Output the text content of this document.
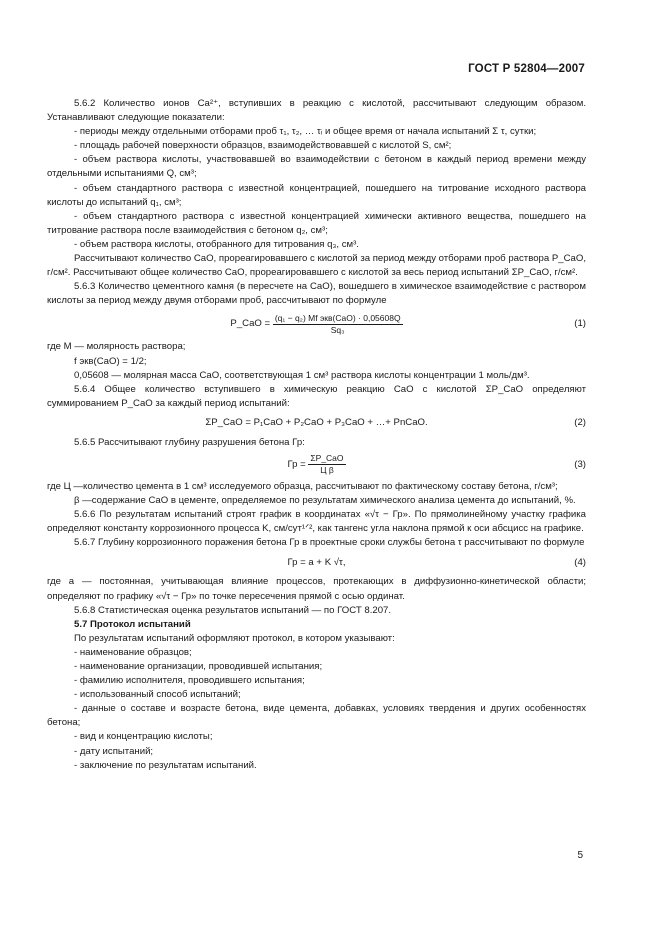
ГОСТ Р 52804—2007

5.6.2 Количество ионов Ca²⁺, вступивших в реакцию с кислотой, рассчитывают следующим образом. Устанавливают следующие показатели:

- периоды между отдельными отборами проб τ₁, τ₂, … τᵢ и общее время от начала испытаний Σ τ, сутки;

- площадь рабочей поверхности образцов, взаимодействовавшей с кислотой S, см²;

- объем раствора кислоты, участвовавшей во взаимодействии с бетоном в каждый период времени между отдельными испытаниями Q, см³;

- объем стандартного раствора с известной концентрацией, пошедшего на титрование исходного раствора кислоты до испытаний q₁, см³;

- объем стандартного раствора с известной концентрацией химически активного вещества, пошедшего на титрование раствора после взаимодействия с бетоном q₂, см³;

- объем раствора кислоты, отобранного для титрования q₃, см³.

Рассчитывают количество CaO, прореагировавшего с кислотой за период между отборами проб раствора P_CaO, г/см². Рассчитывают общее количество CaO, прореагировавшего с кислотой за весь период испытаний ΣP_CaO, г/см².

5.6.3 Количество цементного камня (в пересчете на CaO), вошедшего в химическое взаимодействие с раствором кислоты за период между двумя отборами проб, рассчитывают по формуле

P_CaO =
$\frac{\text{(q₁ − q₂) Mf экв(CaO) · 0,05608Q}}{\text{Sq₃}}$	(1)

где M — молярность раствора;

f экв(CaO) = 1/2;

0,05608 — молярная масса CaO, соответствующая 1 см³ раствора кислоты концентрации 1 моль/дм³.

5.6.4 Общее количество вступившего в химическую реакцию CaO с кислотой ΣP_CaO определяют суммированием P_CaO за каждый период испытаний:

ΣP_CaO = P₁CaO + P₂CaO + P₃CaO + …+ PnCaO.	(2)

5.6.5 Рассчитывают глубину разрушения бетона Гр:

Гр =
$\frac{\text{ΣP\_CaO}}{\text{Ц β}}$	(3)
где Ц — количество цемента в 1 см³ исследуемого образца, рассчитывают по фактическому составу бетона, г/см³;
β — содержание CaO в цементе, определяемое по результатам химического анализа цемента до испытаний, %.

5.6.6 По результатам испытаний строят график в координатах «√τ − Гр». По прямолинейному участку графика определяют константу коррозионного процесса K, см/сут¹ᐟ², как тангенс угла наклона прямой к оси абсцисс на графике.

5.6.7 Глубину коррозионного поражения бетона Гр в проектные сроки службы бетона τ рассчитывают по формуле

Гр = a + K √τ,	(4)

где a — постоянная, учитывающая влияние процессов, протекающих в диффузионно-кинетической области; определяют по графику «√τ − Гр» по точке пересечения прямой с осью ординат.

5.6.8 Статистическая оценка результатов испытаний — по ГОСТ 8.207.

5.7 Протокол испытаний

По результатам испытаний оформляют протокол, в котором указывают:

- наименование образцов;

- наименование организации, проводившей испытания;

- фамилию исполнителя, проводившего испытания;

- использованный способ испытаний;

- данные о составе и возрасте бетона, виде цемента, добавках, условиях твердения и других особенностях бетона;

- вид и концентрацию кислоты;

- дату испытаний;

- заключение по результатам испытаний.

5
